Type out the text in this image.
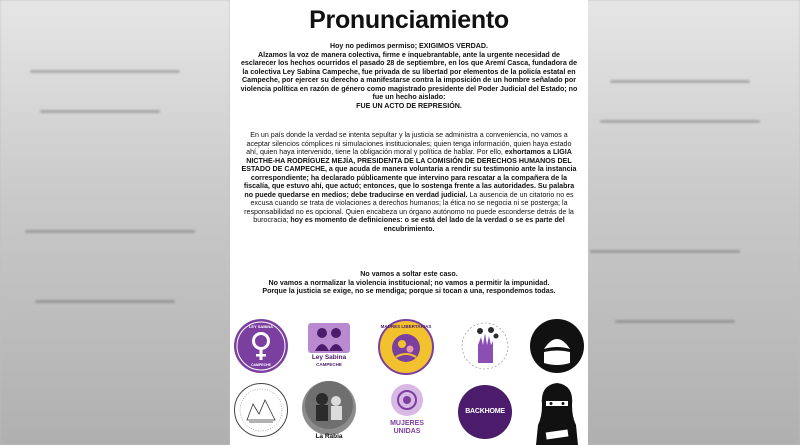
Pronunciamiento
Hoy no pedimos permiso; EXIGIMOS VERDAD.
Alzamos la voz de manera colectiva, firme e inquebrantable, ante la urgente necesidad de esclarecer los hechos ocurridos el pasado 28 de septiembre, en los que Aremí Casca, fundadora de la colectiva Ley Sabina Campeche, fue privada de su libertad por elementos de la policía estatal en Campeche, por ejercer su derecho a manifestarse contra la imposición de un hombre señalado por violencia política en razón de género como magistrado presidente del Poder Judicial del Estado; no fue un hecho aislado:
FUE UN ACTO DE REPRESIÓN.
En un país donde la verdad se intenta sepultar y la justicia se administra a conveniencia, no vamos a aceptar silencios cómplices ni simulaciones institucionales; quien tenga información, quien haya estado ahí, quien haya intervenido, tiene la obligación moral y política de hablar. Por ello, exhortamos a LIGIA NICTHE-HA RODRÍGUEZ MEJÍA, PRESIDENTA DE LA COMISIÓN DE DERECHOS HUMANOS DEL ESTADO DE CAMPECHE, a que acuda de manera voluntaria a rendir su testimonio ante la instancia correspondiente; ha declarado públicamente que intervino para rescatar a la compañera de la fiscalía, que estuvo ahí, que actuó; entonces, que lo sostenga frente a las autoridades. Su palabra no puede quedarse en medios; debe traducirse en verdad judicial. La ausencia de un citatorio no es excusa cuando se trata de violaciones a derechos humanos; la ética no se negocia ni se posterga; la responsabilidad no es opcional. Quien encabeza un órgano autónomo no puede esconderse detrás de la burocracia; hoy es momento de definiciones: o se está del lado de la verdad o se es parte del encubrimiento.
No vamos a soltar este caso.
No vamos a normalizar la violencia institucional; no vamos a permitir la impunidad.
Porque la justicia se exige, no se mendiga; porque si tocan a una, respondemos todas.
LEY SABINA
CAMPECHE
Ley Sabina
CAMPECHE
MADRES LIBERTARIAS
La Rabia
MUJERES
UNIDAS
BACKHOME
